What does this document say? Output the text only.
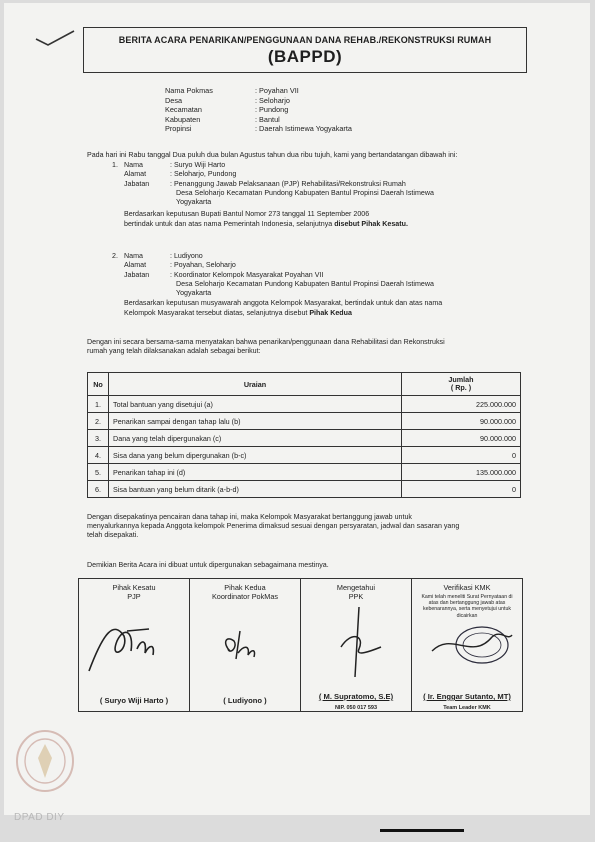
BERITA ACARA PENARIKAN/PENGGUNAAN DANA REHAB./REKONSTRUKSI RUMAH
(BAPPD)
Nama Pokmas	: Poyahan VII
Desa	: Seloharjo
Kecamatan	: Pundong
Kabupaten	: Bantul
Propinsi	: Daerah Istimewa Yogyakarta
Pada hari ini Rabu tanggal Dua puluh dua bulan Agustus tahun dua ribu tujuh, kami yang bertandatangan dibawah ini:
1. Nama	: Suryo Wiji Harto
Alamat	: Seloharjo, Pundong
Jabatan	: Penanggung Jawab Pelaksanaan (PJP) Rehabilitasi/Rekonstruksi Rumah
Desa Seloharjo Kecamatan Pundong Kabupaten Bantul Propinsi Daerah Istimewa
Yogyakarta
Berdasarkan keputusan Bupati Bantul Nomor 273 tanggal 11 September 2006
bertindak untuk dan atas nama Pemerintah Indonesia, selanjutnya disebut Pihak Kesatu.
2. Nama	: Ludiyono
Alamat	: Poyahan, Seloharjo
Jabatan	: Koordinator Kelompok Masyarakat Poyahan VII
Desa Seloharjo Kecamatan Pundong Kabupaten Bantul Propinsi Daerah Istimewa
Yogyakarta
Berdasarkan keputusan musyawarah anggota Kelompok Masyarakat, bertindak untuk dan atas nama
Kelompok Masyarakat tersebut diatas, selanjutnya disebut Pihak Kedua
Dengan ini secara bersama-sama menyatakan bahwa penarikan/penggunaan dana Rehabilitasi dan Rekonstruksi
rumah yang telah dilaksanakan adalah sebagai berikut:
No	Uraian	Jumlah
( Rp. )

1.	Total bantuan yang disetujui (a)	225.000.000
2.	Penarikan sampai dengan tahap lalu (b)	90.000.000
3.	Dana yang telah dipergunakan (c)	90.000.000
4.	Sisa dana yang belum dipergunakan (b-c)	0
5.	Penarikan tahap ini (d)	135.000.000
6.	Sisa bantuan yang belum ditarik (a-b-d)	0
Dengan disepakatinya pencairan dana tahap ini, maka Kelompok Masyarakat bertanggung jawab untuk
menyalurkannya kepada Anggota kelompok Penerima dimaksud sesuai dengan persyaratan, jadwal dan sasaran yang
telah disepakati.
Demikian Berita Acara ini dibuat untuk dipergunakan sebagaimana mestinya.
Pihak Kesatu
PJP
( Suryo Wiji Harto )
Pihak Kedua
Koordinator PokMas
( Ludiyono )
Mengetahui
PPK
( M. Supratomo, S.E)
NIP. 050 017 593
Verifikasi KMK
Kami telah meneliti Surat Pernyataan di atas dan bertanggung jawab atas kebenarannya, serta menyetujui untuk dicairkan
( Ir. Enggar Sutanto, MT)
Team Leader KMK
DPAD DIY
